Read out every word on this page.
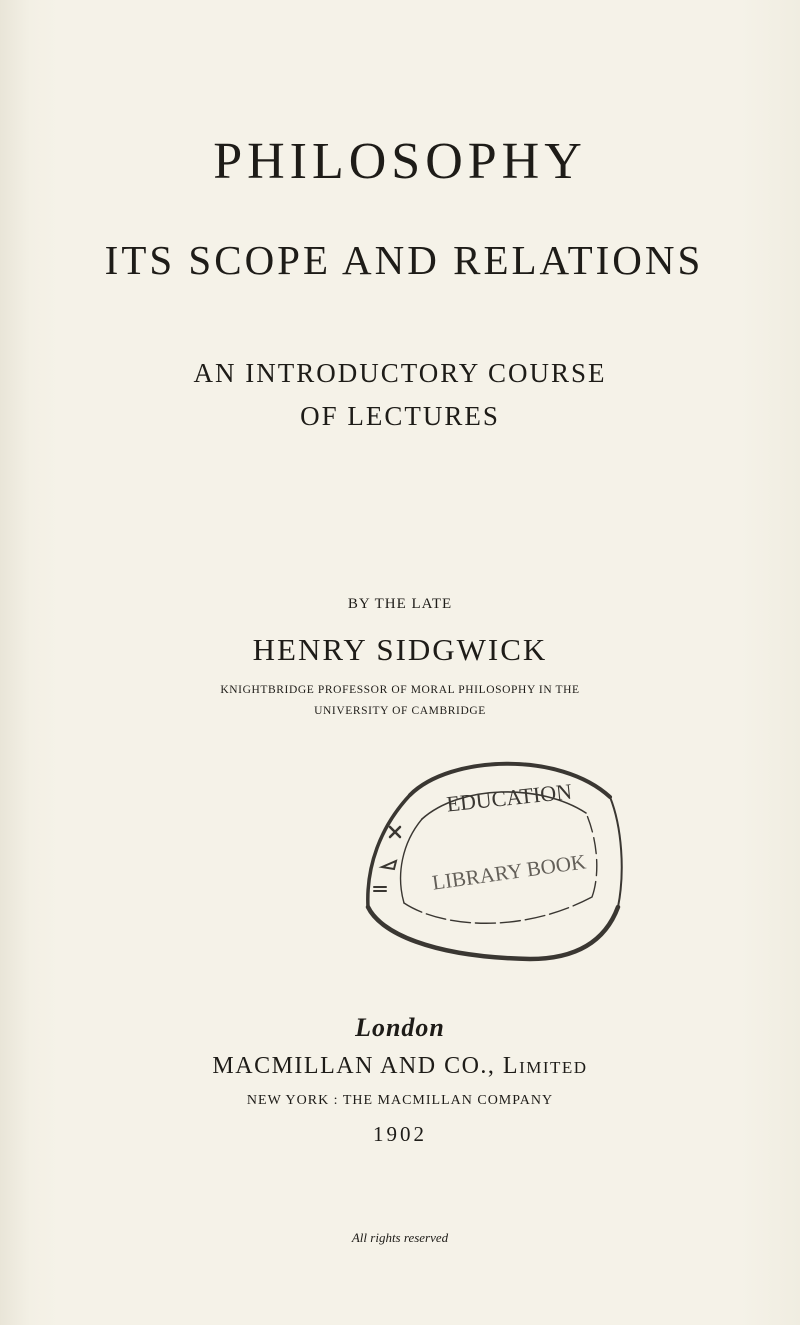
PHILOSOPHY
ITS SCOPE AND RELATIONS
AN INTRODUCTORY COURSE
OF LECTURES
BY THE LATE
HENRY SIDGWICK
KNIGHTBRIDGE PROFESSOR OF MORAL PHILOSOPHY IN THE
UNIVERSITY OF CAMBRIDGE
EDUCATION
LIBRARY BOOK
London
MACMILLAN AND CO., Limited
NEW YORK : THE MACMILLAN COMPANY
1902
All rights reserved
